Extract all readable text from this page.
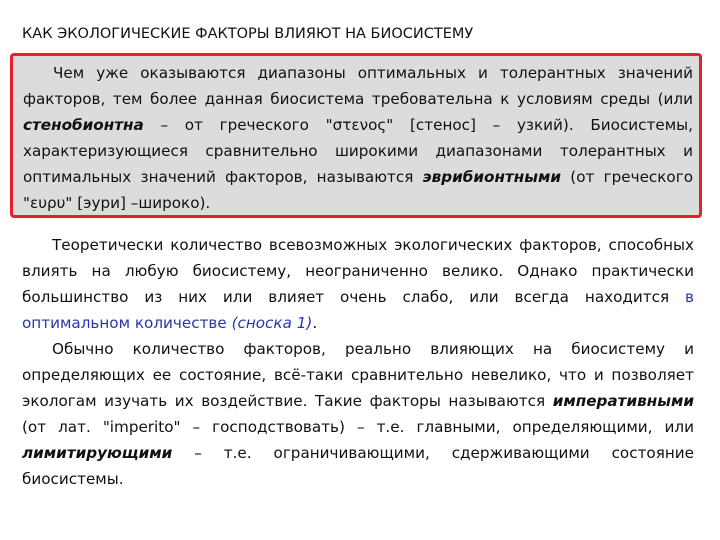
КАК ЭКОЛОГИЧЕСКИЕ ФАКТОРЫ ВЛИЯЮТ НА БИОСИСТЕМУ

Чем уже оказываются диапазоны оптимальных и толерантных значений факторов, тем более данная биосистема требовательна к условиям среды (или стенобионтна – от греческого "στενος" [стенос] – узкий). Биосистемы, характеризующиеся сравнительно широкими диапазонами толерантных и оптимальных значений факторов, называются эврибионтными (от греческого "ευρυ" [эури] –широко).

Теоретически количество всевозможных экологических факторов, способных влиять на любую биосистему, неограниченно велико. Однако практически большинство из них или влияет очень слабо, или всегда находится в оптимальном количестве (сноска 1).

Обычно количество факторов, реально влияющих на биосистему и определяющих ее состояние, всё-таки сравнительно невелико, что и позволяет экологам изучать их воздействие. Такие факторы называются императивными (от лат. "imperito" – господствовать) – т.е. главными, определяющими, или лимитирующими – т.е. ограничивающими, сдерживающими состояние биосистемы.
